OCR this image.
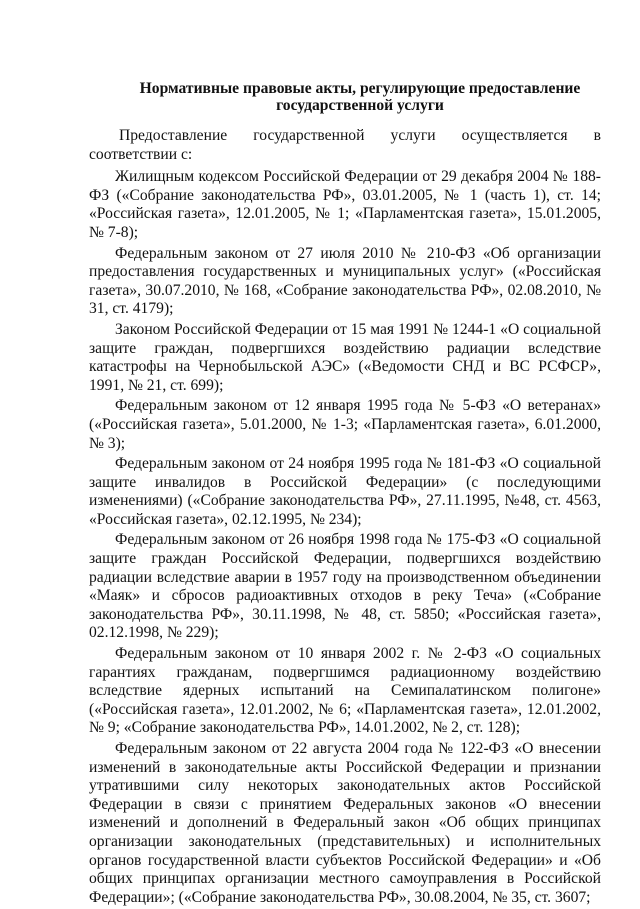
Нормативные правовые акты, регулирующие предоставление
государственной услуги

Предоставление государственной услуги осуществляется в соответствии с:

Жилищным кодексом Российской Федерации от 29 декабря 2004 № 188-ФЗ («Собрание законодательства РФ», 03.01.2005, № 1 (часть 1), ст. 14; «Российская газета», 12.01.2005, № 1; «Парламентская газета», 15.01.2005, № 7-8);

Федеральным законом от 27 июля 2010 № 210-ФЗ «Об организации предоставления государственных и муниципальных услуг» («Российская газета», 30.07.2010, № 168, «Собрание законодательства РФ», 02.08.2010, № 31, ст. 4179);

Законом Российской Федерации от 15 мая 1991 № 1244-1 «О социальной защите граждан, подвергшихся воздействию радиации вследствие катастрофы на Чернобыльской АЭС» («Ведомости СНД и ВС РСФСР», 1991, № 21, ст. 699);

Федеральным законом от 12 января 1995 года № 5-ФЗ «О ветеранах» («Российская газета», 5.01.2000, № 1-3; «Парламентская газета», 6.01.2000, № 3);

Федеральным законом от 24 ноября 1995 года № 181-ФЗ «О социальной защите инвалидов в Российской Федерации» (с последующими изменениями) («Собрание законодательства РФ», 27.11.1995, №48, ст. 4563, «Российская газета», 02.12.1995, № 234);

Федеральным законом от 26 ноября 1998 года № 175-ФЗ «О социальной защите граждан Российской Федерации, подвергшихся воздействию радиации вследствие аварии в 1957 году на производственном объединении «Маяк» и сбросов радиоактивных отходов в реку Теча» («Собрание законодательства РФ», 30.11.1998, № 48, ст. 5850; «Российская газета», 02.12.1998, № 229);

Федеральным законом от 10 января 2002 г. № 2-ФЗ «О социальных гарантиях гражданам, подвергшимся радиационному воздействию вследствие ядерных испытаний на Семипалатинском полигоне» («Российская газета», 12.01.2002, № 6; «Парламентская газета», 12.01.2002, № 9; «Собрание законодательства РФ», 14.01.2002, № 2, ст. 128);

Федеральным законом от 22 августа 2004 года № 122-ФЗ «О внесении изменений в законодательные акты Российской Федерации и признании утратившими силу некоторых законодательных актов Российской Федерации в связи с принятием Федеральных законов «О внесении изменений и дополнений в Федеральный закон «Об общих принципах организации законодательных (представительных) и исполнительных органов государственной власти субъектов Российской Федерации» и «Об общих принципах организации местного самоуправления в Российской Федерации»; («Собрание законодательства РФ», 30.08.2004, № 35, ст. 3607;
